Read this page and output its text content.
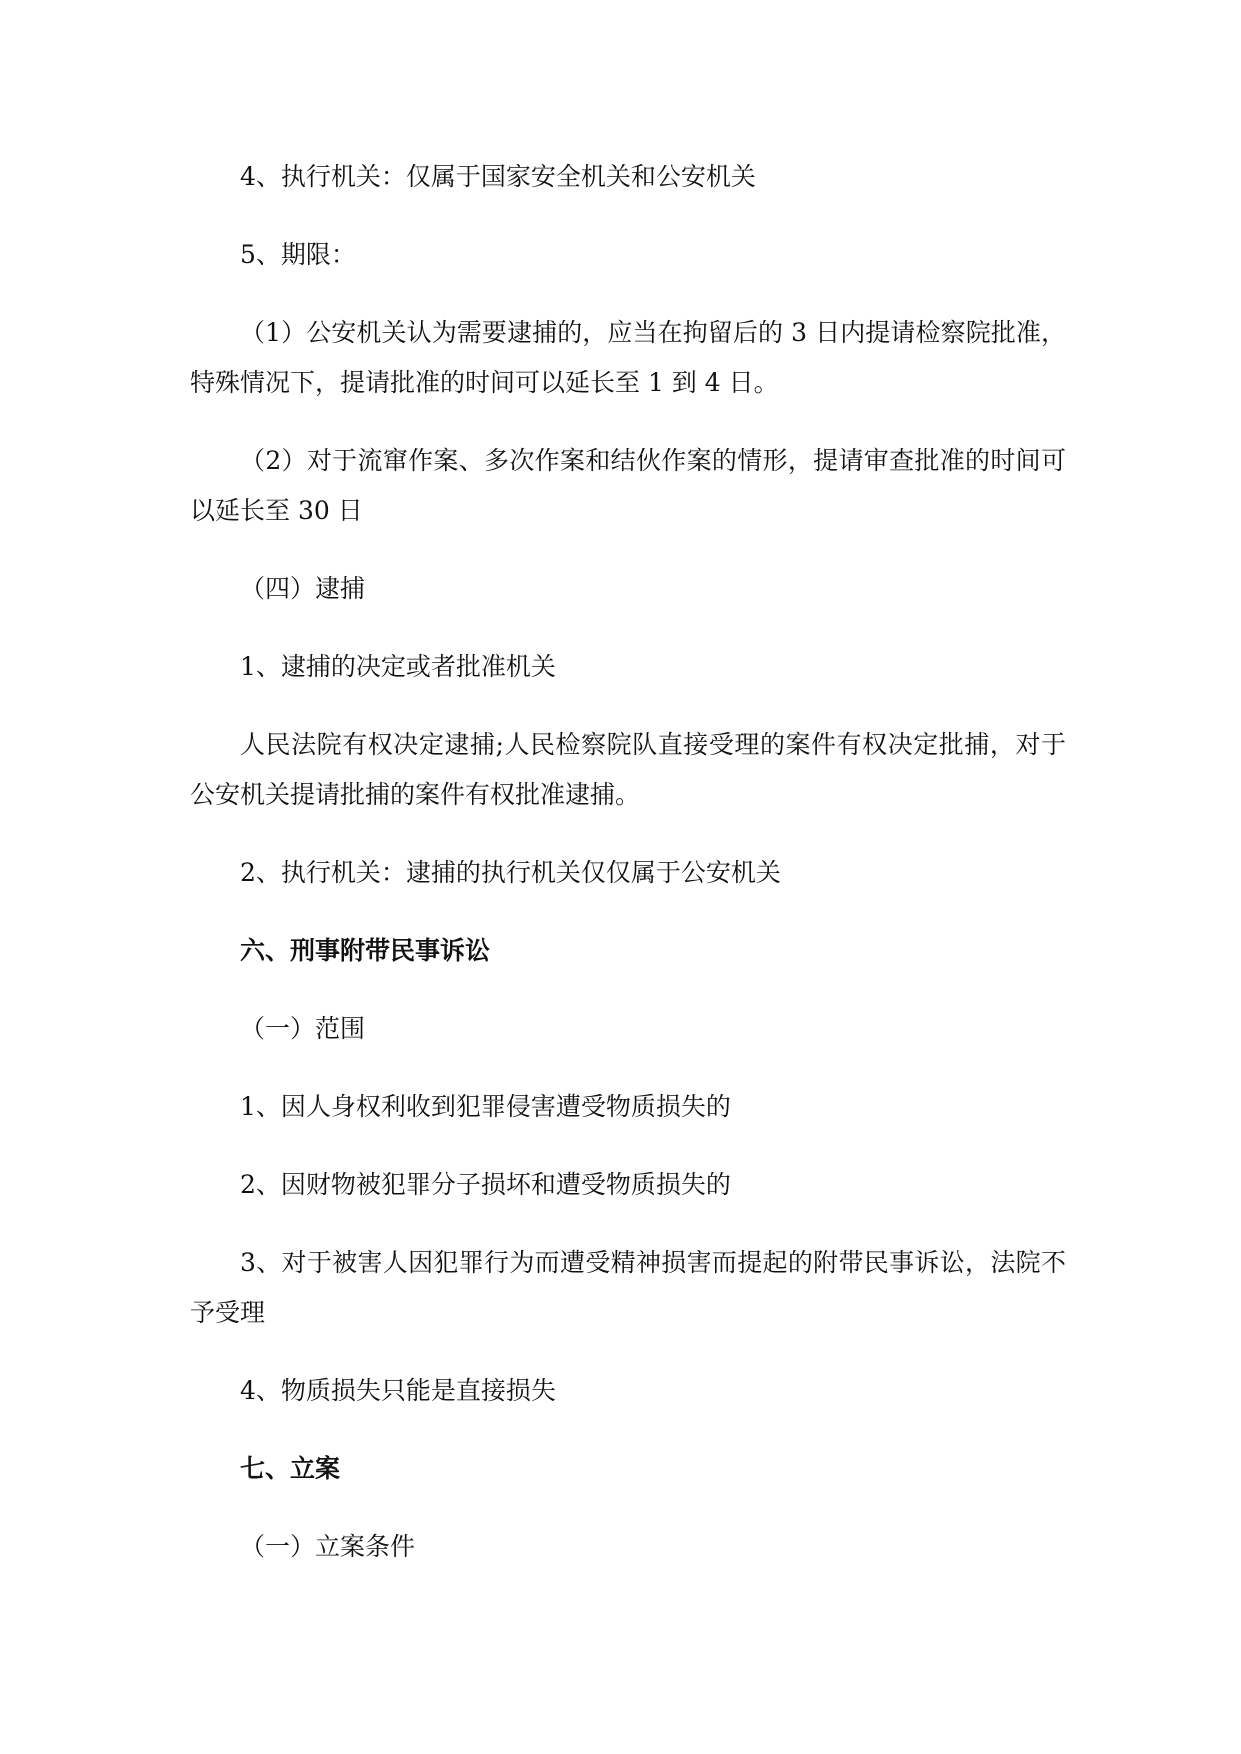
4、执行机关：仅属于国家安全机关和公安机关

5、期限：

（1）公安机关认为需要逮捕的，应当在拘留后的 3 日内提请检察院批准，
特殊情况下，提请批准的时间可以延长至 1 到 4 日。

（2）对于流窜作案、多次作案和结伙作案的情形，提请审查批准的时间可
以延长至 30 日

（四）逮捕

1、逮捕的决定或者批准机关

人民法院有权决定逮捕;人民检察院队直接受理的案件有权决定批捕，对于
公安机关提请批捕的案件有权批准逮捕。

2、执行机关：逮捕的执行机关仅仅属于公安机关

六、刑事附带民事诉讼

（一）范围

1、因人身权利收到犯罪侵害遭受物质损失的

2、因财物被犯罪分子损坏和遭受物质损失的

3、对于被害人因犯罪行为而遭受精神损害而提起的附带民事诉讼，法院不
予受理

4、物质损失只能是直接损失

七、立案

（一）立案条件
